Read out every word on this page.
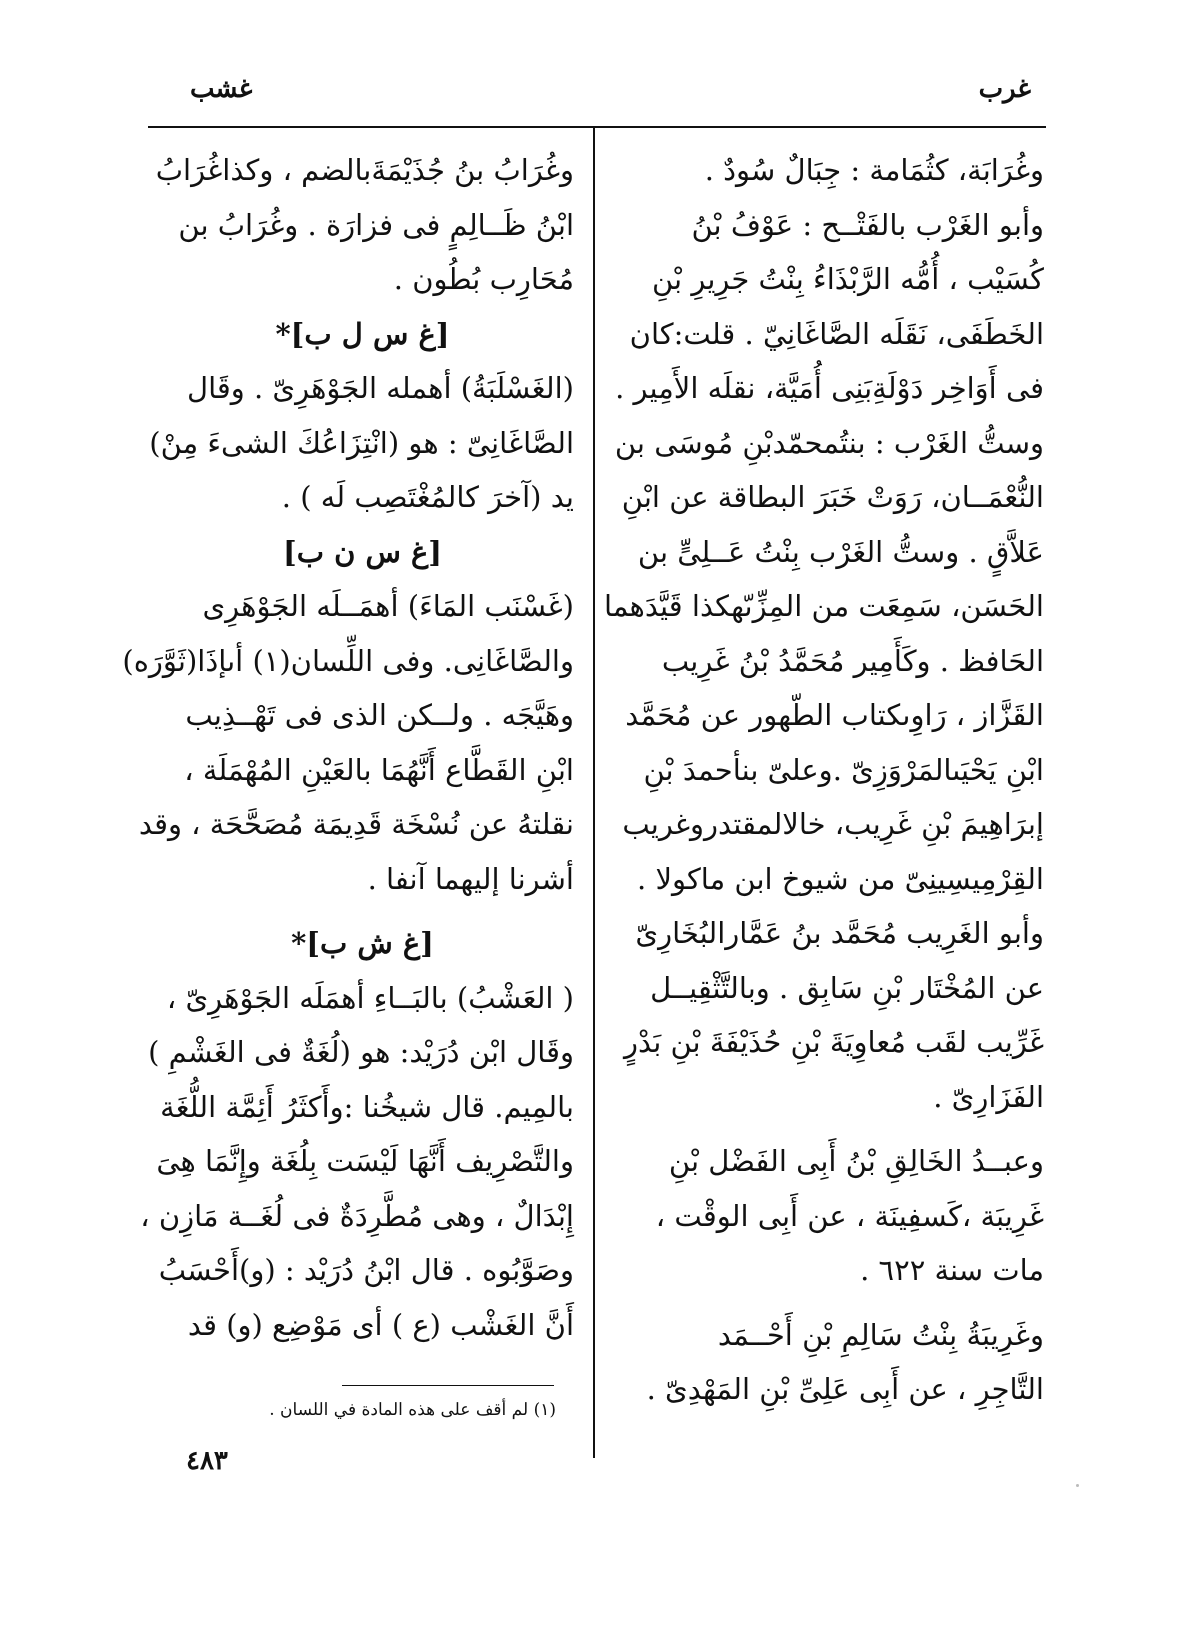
غرب
غشب
وغُرَابَة، كثُمَامة : جِبَالٌ سُودٌ .
وأبو الغَرْب بالفَتْــح : عَوْفُ بْنُ
كُسَيْب ، أُمُّه الرَّبْذَاءُ بِنْتُ جَرِيرِ بْنِ
الخَطَفَى، نَقَلَه الصَّاغَانِيّ . قلت:كان
فى أَوَاخِر دَوْلَةِبَنِى أُمَيَّة، نقلَه الأَمِير .
وستُّ الغَرْب : بنتُمحمّدبْنِ مُوسَى بن
النُّعْمَــان، رَوَتْ خَبَرَ البطاقة عن ابْنِ
عَلاَّقٍ . وستُّ الغَرْب بِنْتُ عَــلِىٍّ بن
الحَسَن، سَمِعَت من المِزِّىّهكذا قَيَّدَهما
الحَافظ . وكَأَمِير مُحَمَّدُ بْنُ غَرِيب
القَزَّاز ، رَاوِىكتاب الطّهور عن مُحَمَّد
ابْنِ يَحْيَىالمَرْوَزِىّ .وعلىّ بنأحمدَ بْنِ
إبرَاهِيمَ بْنِ غَرِيب، خالالمقتدروغريب
القِرْمِيسِينِىّ من شيوخ ابن ماكولا .
وأبو الغَرِيب مُحَمَّد بنُ عَمَّارالبُخَارِىّ
عن المُخْتَار بْنِ سَابِق . وبالتَّثْقِيــل
غَرِّيب لقَب مُعاوِيَةَ بْنِ حُذَيْفَةَ بْنِ بَدْرٍ
الفَزَارِىّ .
وعبــدُ الخَالِقِ بْنُ أَبِى الفَضْل بْنِ
غَرِيبَة ،كَسفِينَة ، عن أَبِى الوقْت ،
مات سنة ٦٢٢ .
وغَرِيبَةُ بِنْتُ سَالِمِ بْنِ أَحْــمَد
التَّاجِرِ ، عن أَبِى عَلِىِّ بْنِ المَهْدِىّ .
وغُرَابُ بنُ جُذَيْمَةَبالضم ، وكذاغُرَابُ
ابْنُ ظَــالِمٍ فى فزارَة . وغُرَابُ بن
مُحَارِب بُطُون .
[غ س ل ب]*
(الغَسْلَبَةُ) أهمله الجَوْهَرِىّ . وقَال
الصَّاغَانِىّ : هو (انْتِزَاعُكَ الشىءَ مِنْ)
يد (آخرَ كالمُغْتَصِب لَه ) .
[غ س ن ب]
(غَسْنَب المَاءَ) أهمَــلَه الجَوْهَرِى
والصَّاغَانِى. وفى اللِّسان(١) أىإذَا(ثَوَّرَه)
وهَيَّجَه . ولــكن الذى فى تَهْــذِيب
ابْنِ القَطَّاع أَنَّهُمَا بالعَيْنِ المُهْمَلَة ،
نقلتهُ عن نُسْخَة قَدِيمَة مُصَحَّحَة ، وقد
أشرنا إليهما آنفا .
[غ ش ب]*
( العَشْبُ) بالبَــاءِ أهمَلَه الجَوْهَرِىّ ،
وقَال ابْن دُرَيْد: هو (لُغَةٌ فى الغَشْمِ )
بالمِيم. قال شيخُنا :وأَكثَرُ أَئِمَّة اللُّغَة
والتَّصْرِيف أَنَّهَا لَيْسَت بِلُغَة وإِنَّمَا هِىَ
إِبْدَالٌ ، وهى مُطَّرِدَةٌ فى لُغَــة مَازِن ،
وصَوَّبُوه . قال ابْنُ دُرَيْد : (و)أَحْسَبُ
أَنَّ الغَشْب (ع ) أى مَوْضِع (و) قد
(١) لم أقف على هذه المادة في اللسان .
٤٨٣
